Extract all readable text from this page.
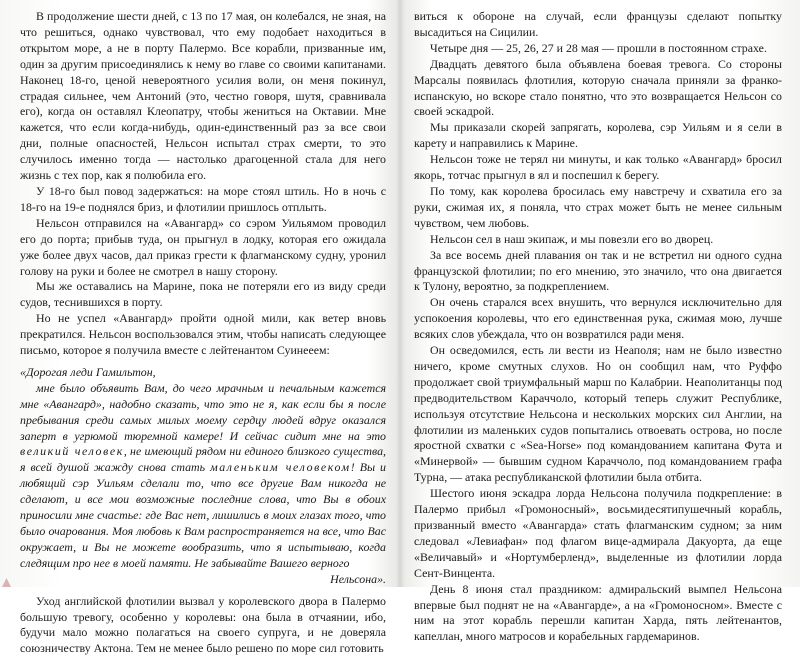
В продолжение шести дней, с 13 по 17 мая, он колебался, не зная, на что решиться, однако чувствовал, что ему подобает находиться в открытом море, а не в порту Палермо. Все корабли, призванные им, один за другим присоединялись к нему во главе со своими капитанами. Наконец 18-го, ценой невероятного усилия воли, он меня покинул, страдая сильнее, чем Антоний (это, честно говоря, шутя, сравнивала его), когда он оставлял Клеопатру, чтобы жениться на Октавии. Мне кажется, что если когда-нибудь, один-единственный раз за все свои дни, полные опасностей, Нельсон испытал страх смерти, то это случилось именно тогда — настолько драгоценной стала для него жизнь с тех пор, как я полюбила его.

У 18-го был повод задержаться: на море стоял штиль. Но в ночь с 18-го на 19-е поднялся бриз, и флотилии пришлось отплыть.

Нельсон отправился на «Авангард» со сэром Уильямом проводил его до порта; прибыв туда, он прыгнул в лодку, которая его ожидала уже более двух часов, дал приказ грести к флагманскому судну, уронил голову на руки и более не смотрел в нашу сторону.

Мы же оставались на Марине, пока не потеряли его из виду среди судов, теснившихся в порту.

Но не успел «Авангард» пройти одной мили, как ветер вновь прекратился. Нельсон воспользовался этим, чтобы написать следующее письмо, которое я получила вместе с лейтенантом Суинееем:

«Дорогая леди Гамильтон,

мне было объявить Вам, до чего мрачным и печальным кажется мне «Авангард», надобно сказать, что это не я, как если бы я после пребывания среди самых милых моему сердцу людей вдруг оказался заперт в угрюмой тюремной камере! И сейчас сидит мне на это великий человек, не имеющий рядом ни единого близкого существа, я всей душой жажду снова стать маленьким человеком! Вы и любящий сэр Уильям сделали то, что все другие Вам никогда не сделают, и все мои возможные последние слова, что Вы в обоих приносили мне счастье: где Вас нет, лишились в моих глазах того, что было очарования. Моя любовь к Вам распространяется на все, что Вас окружает, и Вы не можете вообразить, что я испытываю, когда следящим про нее в моей памяти. Не забывайте Вашего верного

Нельсона».

Уход английской флотилии вызвал у королевского двора в Палермо большую тревогу, особенно у королевы: она была в отчаянии, ибо, будучи мало можно полагаться на своего супруга, и не доверяла союзничеству Актона. Тем не менее было решено по море сил готовить

виться к обороне на случай, если французы сделают попытку высадиться на Сицилии.

Четыре дня — 25, 26, 27 и 28 мая — прошли в постоянном страхе.

Двадцать девятого была объявлена боевая тревога. Со стороны Марсалы появилась флотилия, которую сначала приняли за франко-испанскую, но вскоре стало понятно, что это возвращается Нельсон со своей эскадрой.

Мы приказали скорей запрягать, королева, сэр Уильям и я сели в карету и направились к Марине.

Нельсон тоже не терял ни минуты, и как только «Авангард» бросил якорь, тотчас прыгнул в ял и поспешил к берегу.

По тому, как королева бросилась ему навстречу и схватила его за руки, сжимая их, я поняла, что страх может быть не менее сильным чувством, чем любовь.

Нельсон сел в наш экипаж, и мы повезли его во дворец.

За все восемь дней плавания он так и не встретил ни одного судна французской флотилии; по его мнению, это значило, что она двигается к Тулону, вероятно, за подкреплением.

Он очень старался всех внушить, что вернулся исключительно для успокоения королевы, что его единственная рука, сжимая мою, лучше всяких слов убеждала, что он возвратился ради меня.

Он осведомился, есть ли вести из Неаполя; нам не было известно ничего, кроме смутных слухов. Но он сообщил нам, что Руффо продолжает свой триумфальный марш по Калабрии. Неаполитанцы под предводительством Караччоло, который теперь служит Республике, используя отсутствие Нельсона и нескольких морских сил Англии, на флотилии из маленьких судов попытались отвоевать острова, но после яростной схватки с «Sea-Horse» под командованием капитана Фута и «Минервой» — бывшим судном Караччоло, под командованием графа Турна, — атака республиканской флотилии была отбита.

Шестого июня эскадра лорда Нельсона получила подкрепление: в Палермо прибыл «Громоносный», восьмидесятипушечный корабль, призванный вместо «Авангарда» стать флагманским судном; за ним следовал «Левиафан» под флагом вице-адмирала Дакуорта, да еще «Величавый» и «Нортумберленд», выделенные из флотилии лорда Сент-Винцента.

День 8 июня стал праздником: адмиральский вымпел Нельсона впервые был поднят не на «Авангарде», а на «Громоносном». Вместе с ним на этот корабль перешли капитан Харда, пять лейтенантов, капеллан, много матросов и корабельных гардемаринов.
